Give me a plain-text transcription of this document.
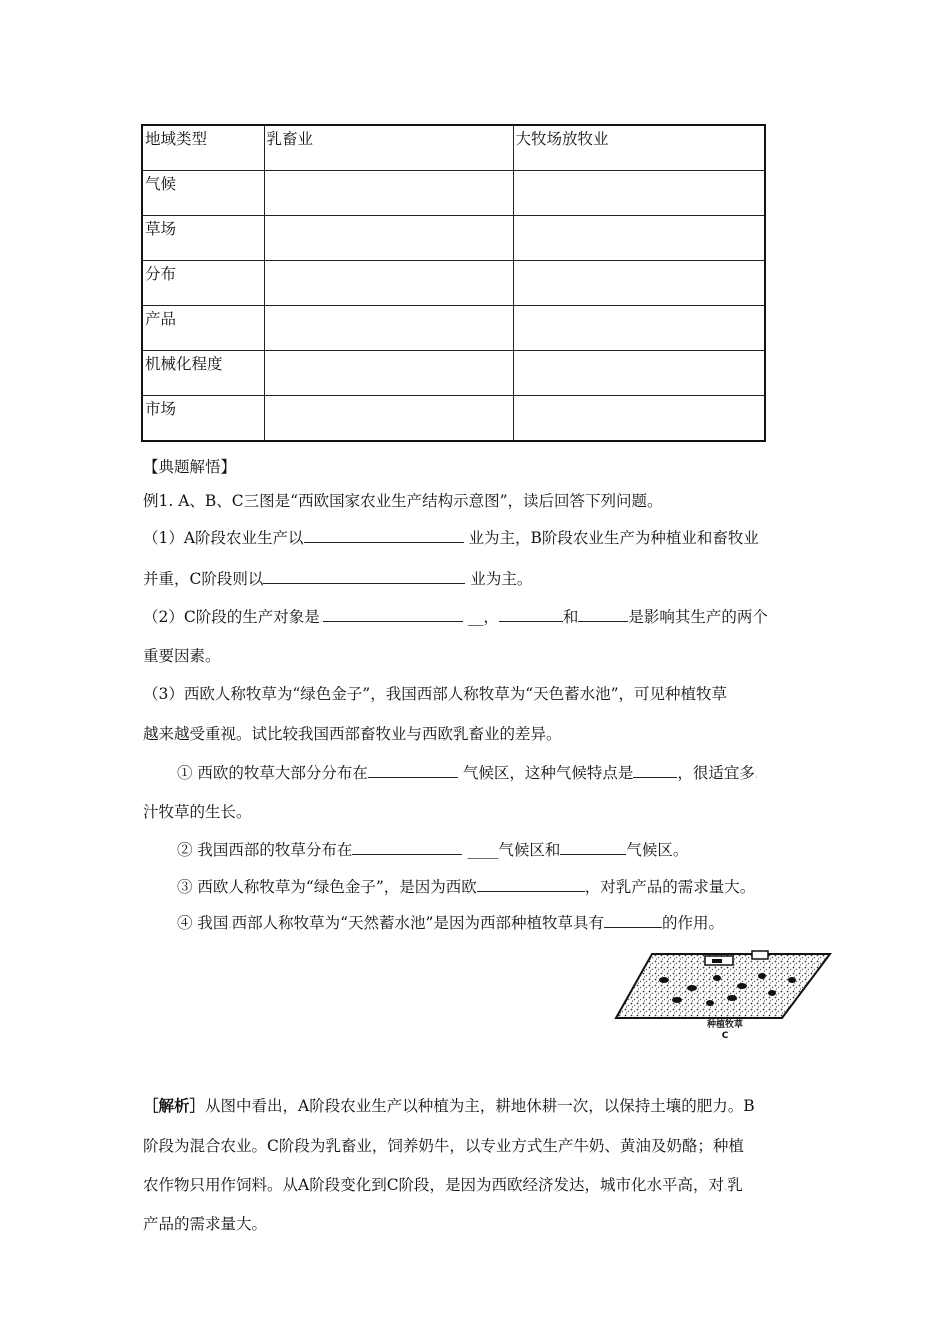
地域类型	乳畜业	大牧场放牧业
气候		
草场		
分布		
产品		
机械化程度		
市场		
【典题解悟】
例1. A、B、C三图是“西欧国家农业生产结构示意图”，读后回答下列问题。
（1）A阶段农业生产以	业为主，B阶段农业生产为种植业和畜牧业
并重，C阶段则以	业为主。
（2）C阶段的生产对象是.	__，	和	是影响其生产的两个
重要因素。
（3）西欧人称牧草为“绿色金子”，我国西部人称牧草为“天色蓄水池”，可见种植牧草
越来越受重视。试比较我国西部畜牧业与西欧乳畜业的差异。
① 西欧的牧草大部分分布在	气候区，这种气候特点是	，很适宜多.
汁牧草的生长。
② 我国西部的牧草分布在	____气候区和	气候区。
③ 西欧人称牧草为“绿色金子”，是因为西欧	，对乳产品的需求量大。
④ 我国.西部人称牧草为“天然蓄水池”是因为西部种植牧草具有	的作用。
种植牧草
C
［解析］从图中看出，A阶段农业生产以种植为主，耕地休耕一次，以保持土壤的肥力。B
阶段为混合农业。C阶段为乳畜业，饲养奶牛，以专业方式生产牛奶、黄油及奶酪；种植
农作物只用作饲料。从A阶段变化到C阶段，是因为西欧经济发达，城市化水平高，对.乳
产品的需求量大。
